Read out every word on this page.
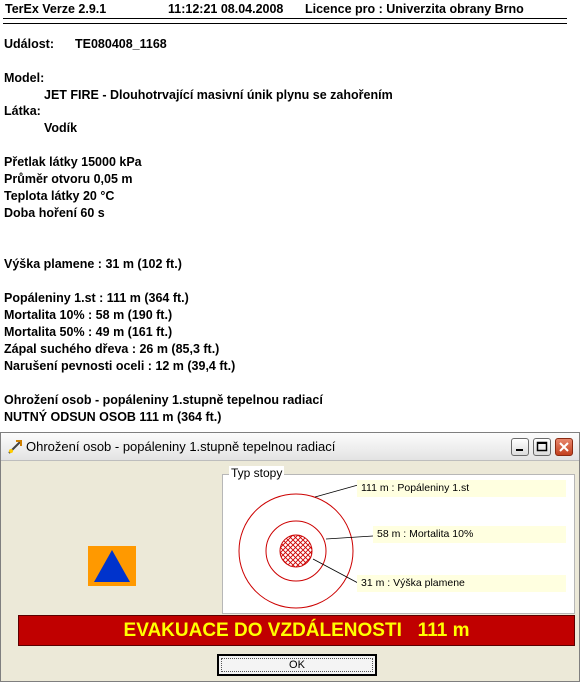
TerEx Verze 2.9.1	11:12:21 08.04.2008 Licence pro : Univerzita obrany Brno
Událost: TE080408_1168
Model:
JET FIRE - Dlouhotrvající masivní únik plynu se zahořením
Látka:
Vodík
Přetlak látky 15000 kPa
Průměr otvoru 0,05 m
Teplota látky 20 °C
Doba hoření 60 s
Výška plamene : 31 m (102 ft.)
Popáleniny 1.st : 111 m (364 ft.)
Mortalita 10% : 58 m (190 ft.)
Mortalita 50% : 49 m (161 ft.)
Zápal suchého dřeva : 26 m (85,3 ft.)
Narušení pevnosti oceli : 12 m (39,4 ft.)
Ohrožení osob - popáleniny 1.stupně tepelnou radiací
NUTNÝ ODSUN OSOB 111 m (364 ft.)
Ohrožení osob - popáleniny 1.stupně tepelnou radiací
Typ stopy
111 m : Popáleniny 1.st
58 m : Mortalita 10%
31 m : Výška plamene
EVAKUACE DO VZDÁLENOSTI   111 m
OK
